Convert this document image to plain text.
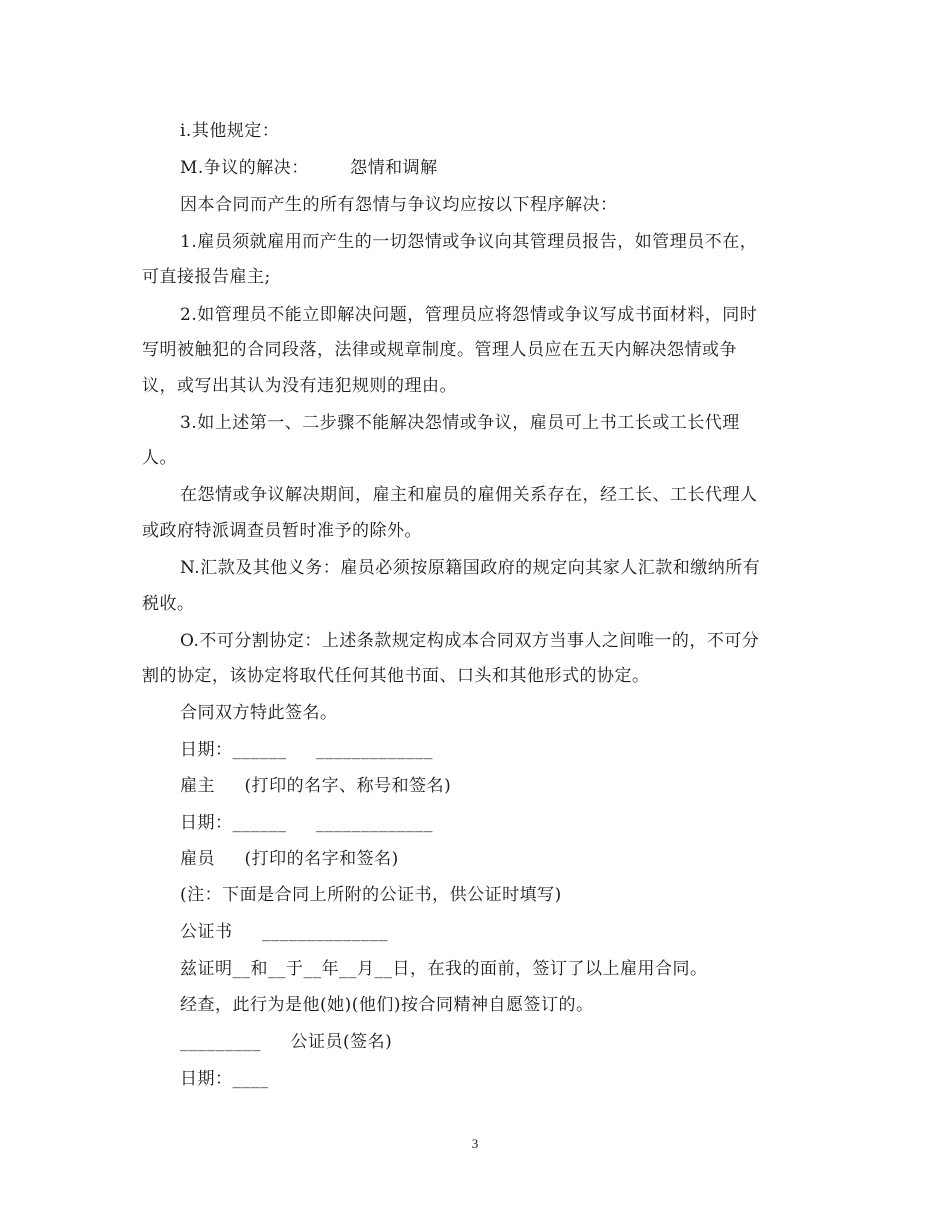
i.其他规定：
M.争议的解决：       怨情和调解
因本合同而产生的所有怨情与争议均应按以下程序解决：
1.雇员须就雇用而产生的一切怨情或争议向其管理员报告，如管理员不在，
可直接报告雇主;
2.如管理员不能立即解决问题，管理员应将怨情或争议写成书面材料，同时
写明被触犯的合同段落，法律或规章制度。管理人员应在五天内解决怨情或争
议，或写出其认为没有违犯规则的理由。
3.如上述第一、二步骤不能解决怨情或争议，雇员可上书工长或工长代理
人。
在怨情或争议解决期间，雇主和雇员的雇佣关系存在，经工长、工长代理人
或政府特派调查员暂时准予的除外。
N.汇款及其他义务：雇员必须按原籍国政府的规定向其家人汇款和缴纳所有
税收。
O.不可分割协定：上述条款规定构成本合同双方当事人之间唯一的，不可分
割的协定，该协定将取代任何其他书面、口头和其他形式的协定。
合同双方特此签名。
日期：______     _____________
雇主     (打印的名字、称号和签名)
日期：______     _____________
雇员     (打印的名字和签名)
(注：下面是合同上所附的公证书，供公证时填写)
公证书     ______________
兹证明__和__于__年__月__日，在我的面前，签订了以上雇用合同。
经查，此行为是他(她)(他们)按合同精神自愿签订的。
_________     公证员(签名)
日期：____
3
